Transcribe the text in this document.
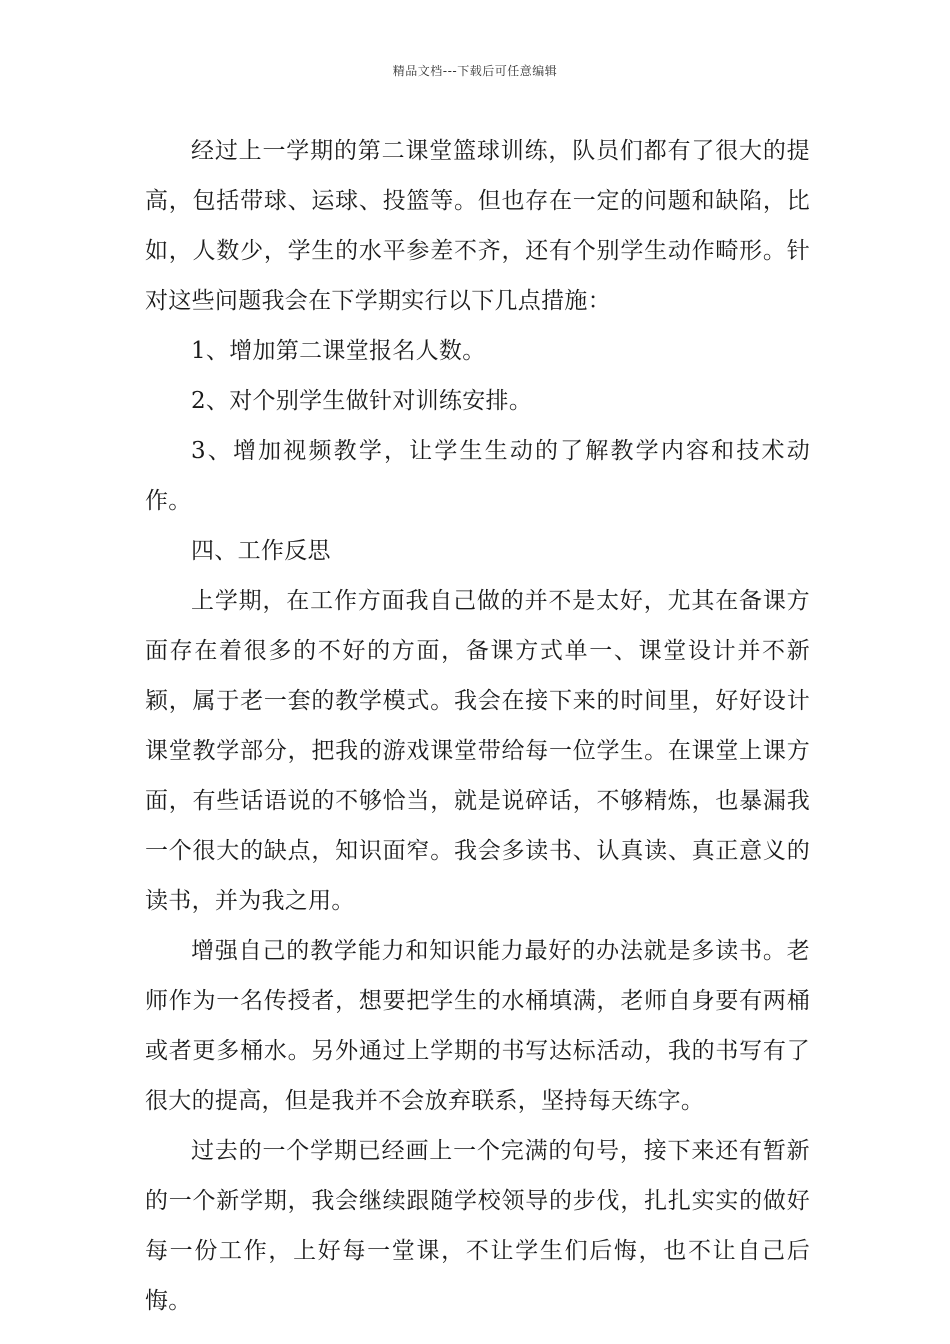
精品文档---下载后可任意编辑

经过上一学期的第二课堂篮球训练，队员们都有了很大的提高，包括带球、运球、投篮等。但也存在一定的问题和缺陷，比如，人数少，学生的水平参差不齐，还有个别学生动作畸形。针对这些问题我会在下学期实行以下几点措施：

1、增加第二课堂报名人数。

2、对个别学生做针对训练安排。

3、增加视频教学，让学生生动的了解教学内容和技术动作。

四、工作反思

上学期，在工作方面我自己做的并不是太好，尤其在备课方面存在着很多的不好的方面，备课方式单一、课堂设计并不新颖，属于老一套的教学模式。我会在接下来的时间里，好好设计课堂教学部分，把我的游戏课堂带给每一位学生。在课堂上课方面，有些话语说的不够恰当，就是说碎话，不够精炼，也暴漏我一个很大的缺点，知识面窄。我会多读书、认真读、真正意义的读书，并为我之用。

增强自己的教学能力和知识能力最好的办法就是多读书。老师作为一名传授者，想要把学生的水桶填满，老师自身要有两桶或者更多桶水。另外通过上学期的书写达标活动，我的书写有了很大的提高，但是我并不会放弃联系，坚持每天练字。

过去的一个学期已经画上一个完满的句号，接下来还有暂新的一个新学期，我会继续跟随学校领导的步伐，扎扎实实的做好每一份工作，上好每一堂课，不让学生们后悔，也不让自己后悔。
